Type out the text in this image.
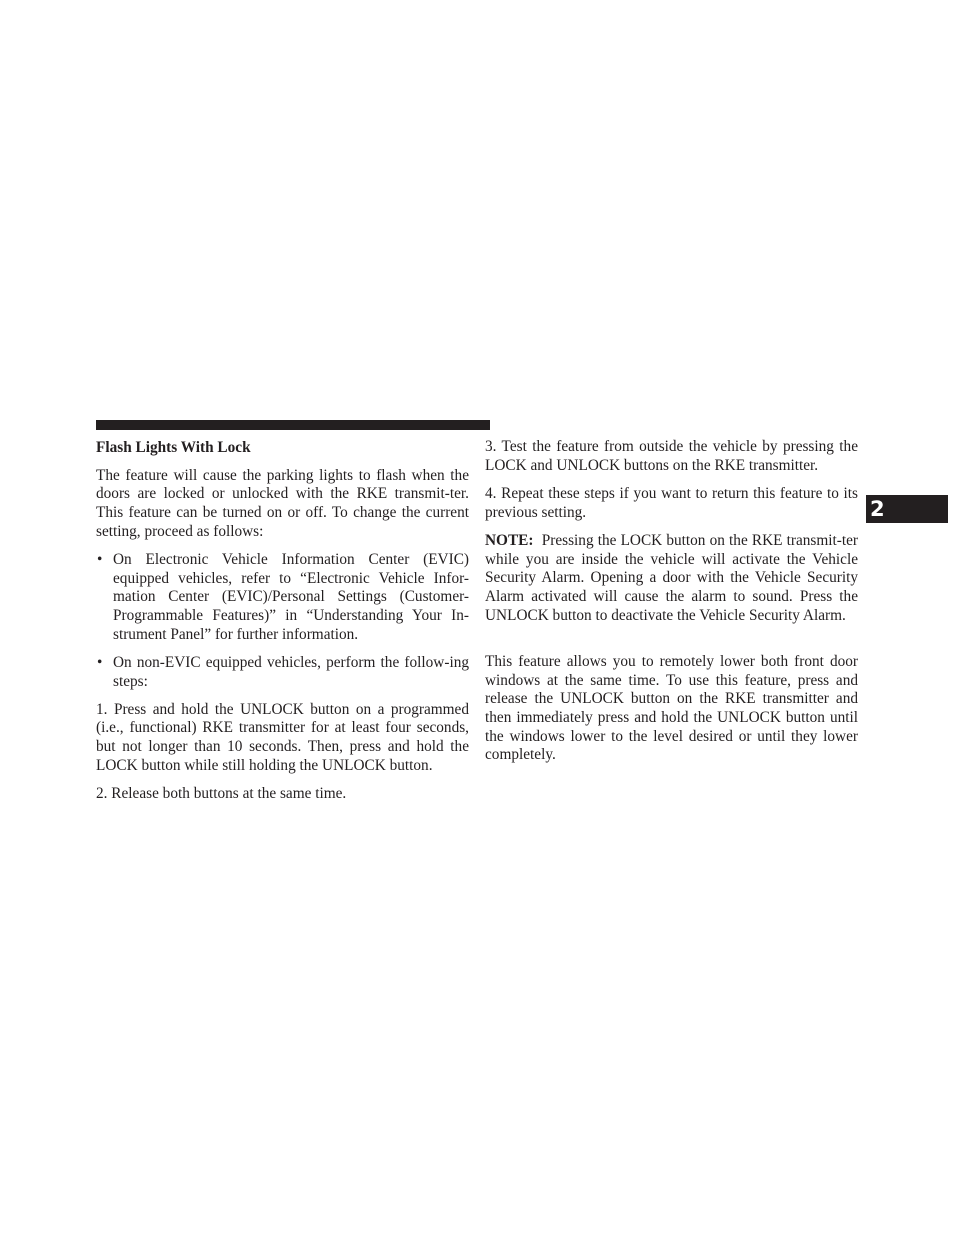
Flash Lights With Lock

The feature will cause the parking lights to flash when the doors are locked or unlocked with the RKE transmit-ter. This feature can be turned on or off. To change the current setting, proceed as follows:

• On Electronic Vehicle Information Center (EVIC) equipped vehicles, refer to “Electronic Vehicle Infor-mation Center (EVIC)/Personal Settings (Customer-Programmable Features)” in “Understanding Your In-strument Panel” for further information.
• On non-EVIC equipped vehicles, perform the follow-ing steps:

1. Press and hold the UNLOCK button on a programmed (i.e., functional) RKE transmitter for at least four seconds, but not longer than 10 seconds. Then, press and hold the LOCK button while still holding the UNLOCK button.

2. Release both buttons at the same time.

3. Test the feature from outside the vehicle by pressing the LOCK and UNLOCK buttons on the RKE transmitter.

4. Repeat these steps if you want to return this feature to its previous setting.

NOTE: Pressing the LOCK button on the RKE transmit-ter while you are inside the vehicle will activate the Vehicle Security Alarm. Opening a door with the Vehicle Security Alarm activated will cause the alarm to sound. Press the UNLOCK button to deactivate the Vehicle Security Alarm.

This feature allows you to remotely lower both front door windows at the same time. To use this feature, press and release the UNLOCK button on the RKE transmitter and then immediately press and hold the UNLOCK button until the windows lower to the level desired or until they lower completely.

2
